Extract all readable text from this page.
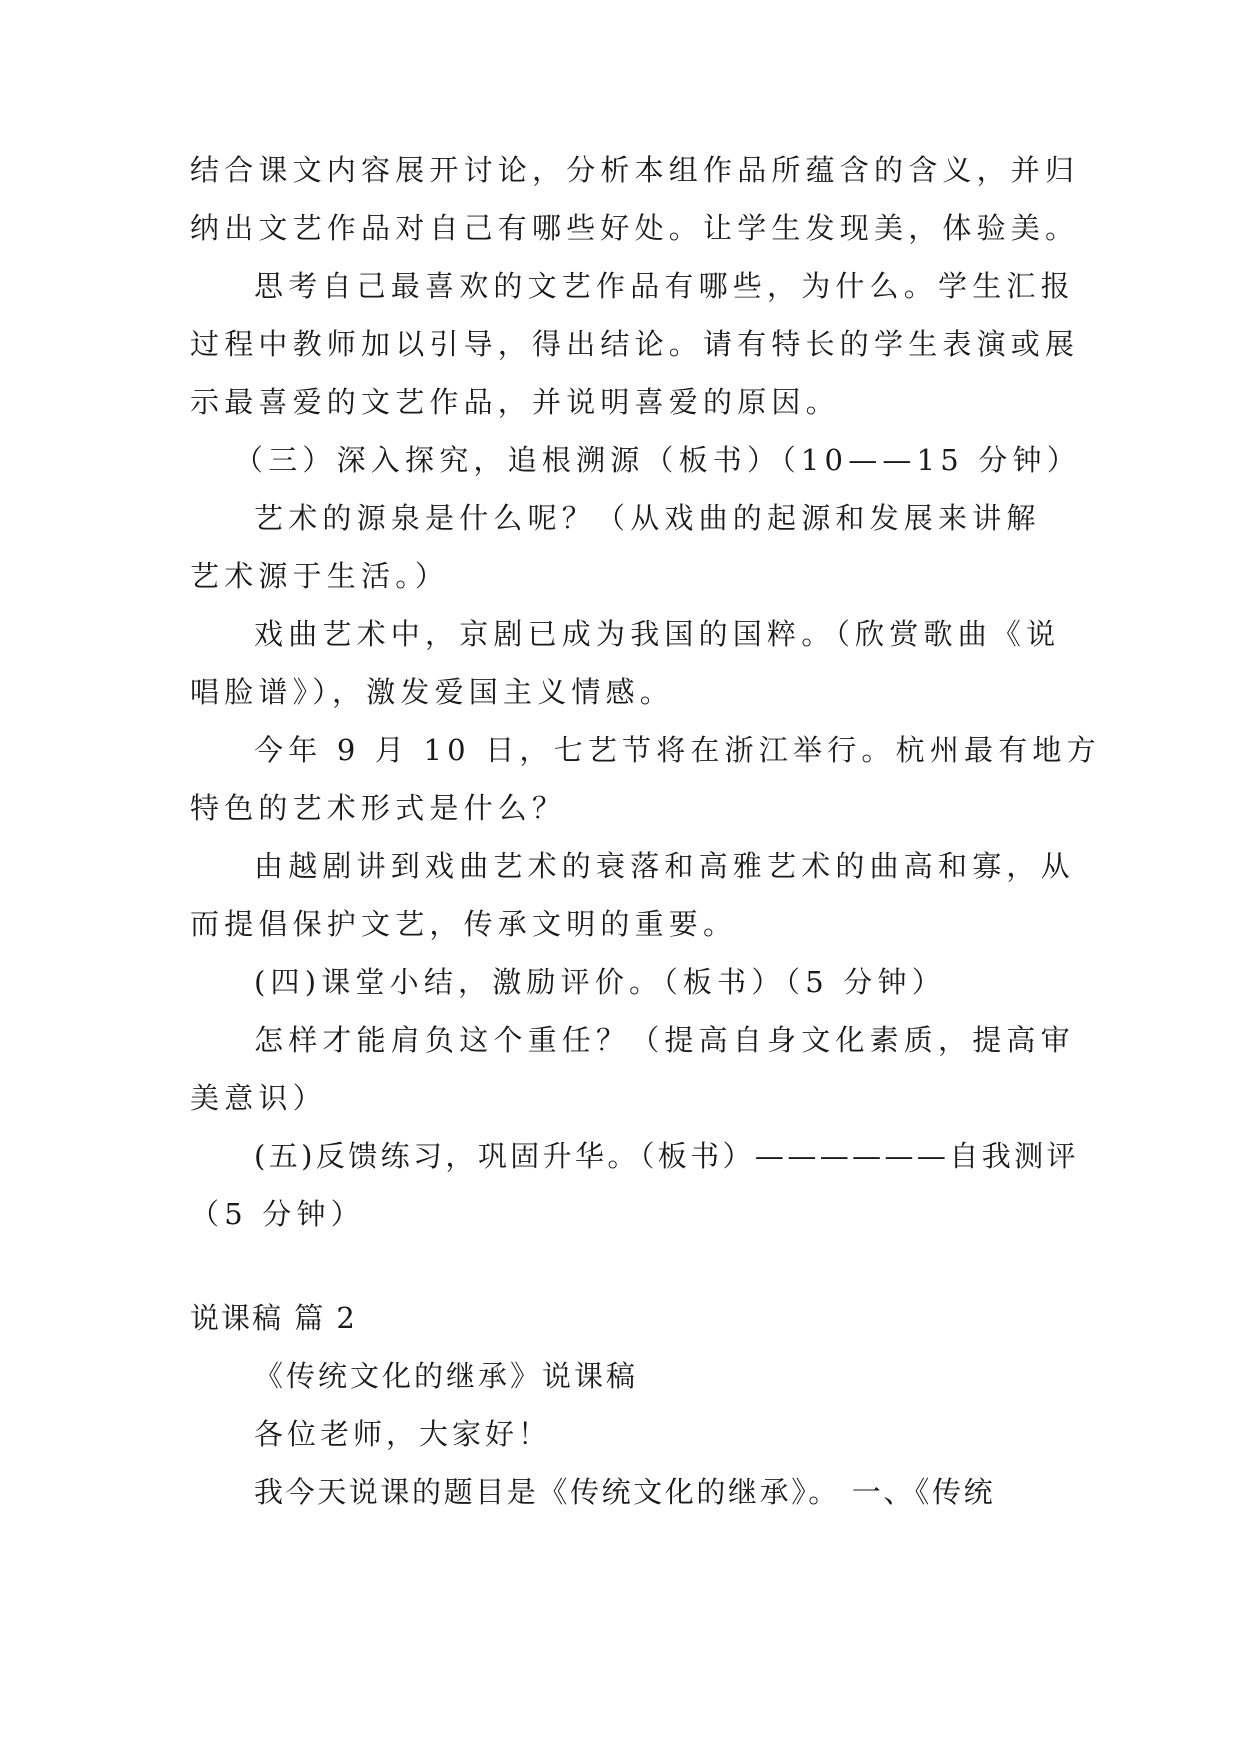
结合课文内容展开讨论，分析本组作品所蕴含的含义，并归
纳出文艺作品对自己有哪些好处。让学生发现美，体验美。
思考自己最喜欢的文艺作品有哪些，为什么。学生汇报
过程中教师加以引导，得出结论。请有特长的学生表演或展
示最喜爱的文艺作品，并说明喜爱的原因。
（三）深入探究，追根溯源（板书）（10——15 分钟）
艺术的源泉是什么呢？（从戏曲的起源和发展来讲解
艺术源于生活。）
戏曲艺术中，京剧已成为我国的国粹。（欣赏歌曲《说
唱脸谱》），激发爱国主义情感。
今年 9 月 10 日，七艺节将在浙江举行。杭州最有地方
特色的艺术形式是什么？
由越剧讲到戏曲艺术的衰落和高雅艺术的曲高和寡，从
而提倡保护文艺，传承文明的重要。
(四)课堂小结，激励评价。（板书）（5 分钟）
怎样才能肩负这个重任？（提高自身文化素质，提高审
美意识）
(五)反馈练习，巩固升华。（板书）——————自我测评
（5 分钟）
说课稿 篇 2
《传统文化的继承》说课稿
各位老师，大家好！
我今天说课的题目是《传统文化的继承》。 一、《传统
